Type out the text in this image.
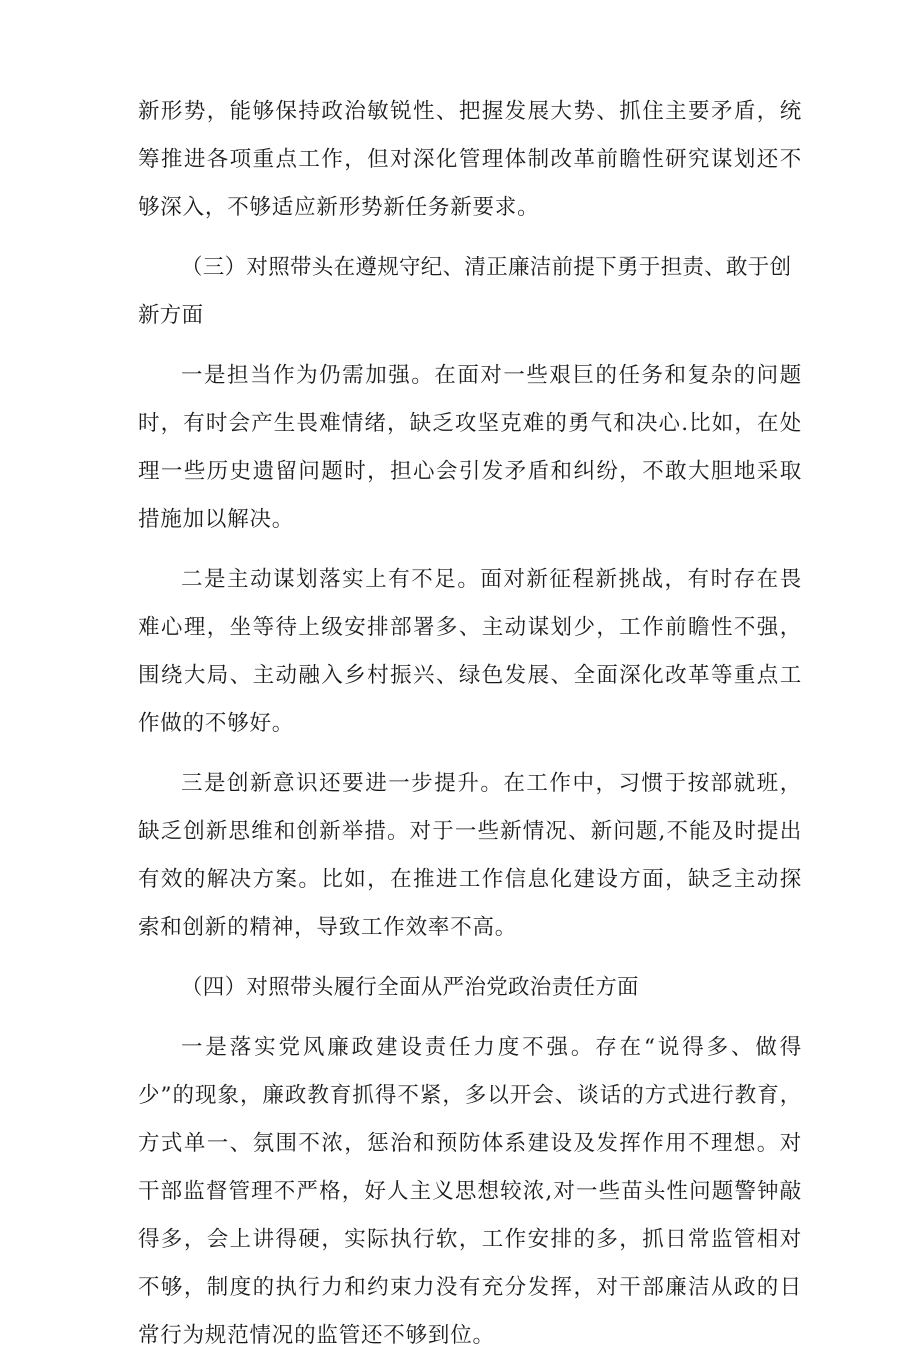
新形势，能够保持政治敏锐性、把握发展大势、抓住主要矛盾，统筹推进各项重点工作，但对深化管理体制改革前瞻性研究谋划还不够深入，不够适应新形势新任务新要求。

（三）对照带头在遵规守纪、清正廉洁前提下勇于担责、敢于创新方面

一是担当作为仍需加强。在面对一些艰巨的任务和复杂的问题时，有时会产生畏难情绪，缺乏攻坚克难的勇气和决心.比如，在处理一些历史遗留问题时，担心会引发矛盾和纠纷，不敢大胆地采取措施加以解决。

二是主动谋划落实上有不足。面对新征程新挑战，有时存在畏难心理，坐等待上级安排部署多、主动谋划少，工作前瞻性不强，围绕大局、主动融入乡村振兴、绿色发展、全面深化改革等重点工作做的不够好。

三是创新意识还要进一步提升。在工作中，习惯于按部就班，缺乏创新思维和创新举措。对于一些新情况、新问题,不能及时提出有效的解决方案。比如，在推进工作信息化建设方面，缺乏主动探索和创新的精神，导致工作效率不高。

（四）对照带头履行全面从严治党政治责任方面

一是落实党风廉政建设责任力度不强。存在“说得多、做得少”的现象，廉政教育抓得不紧，多以开会、谈话的方式进行教育，方式单一、氛围不浓，惩治和预防体系建设及发挥作用不理想。对干部监督管理不严格，好人主义思想较浓,对一些苗头性问题警钟敲得多，会上讲得硬，实际执行软，工作安排的多，抓日常监管相对不够，制度的执行力和约束力没有充分发挥，对干部廉洁从政的日常行为规范情况的监管还不够到位。
